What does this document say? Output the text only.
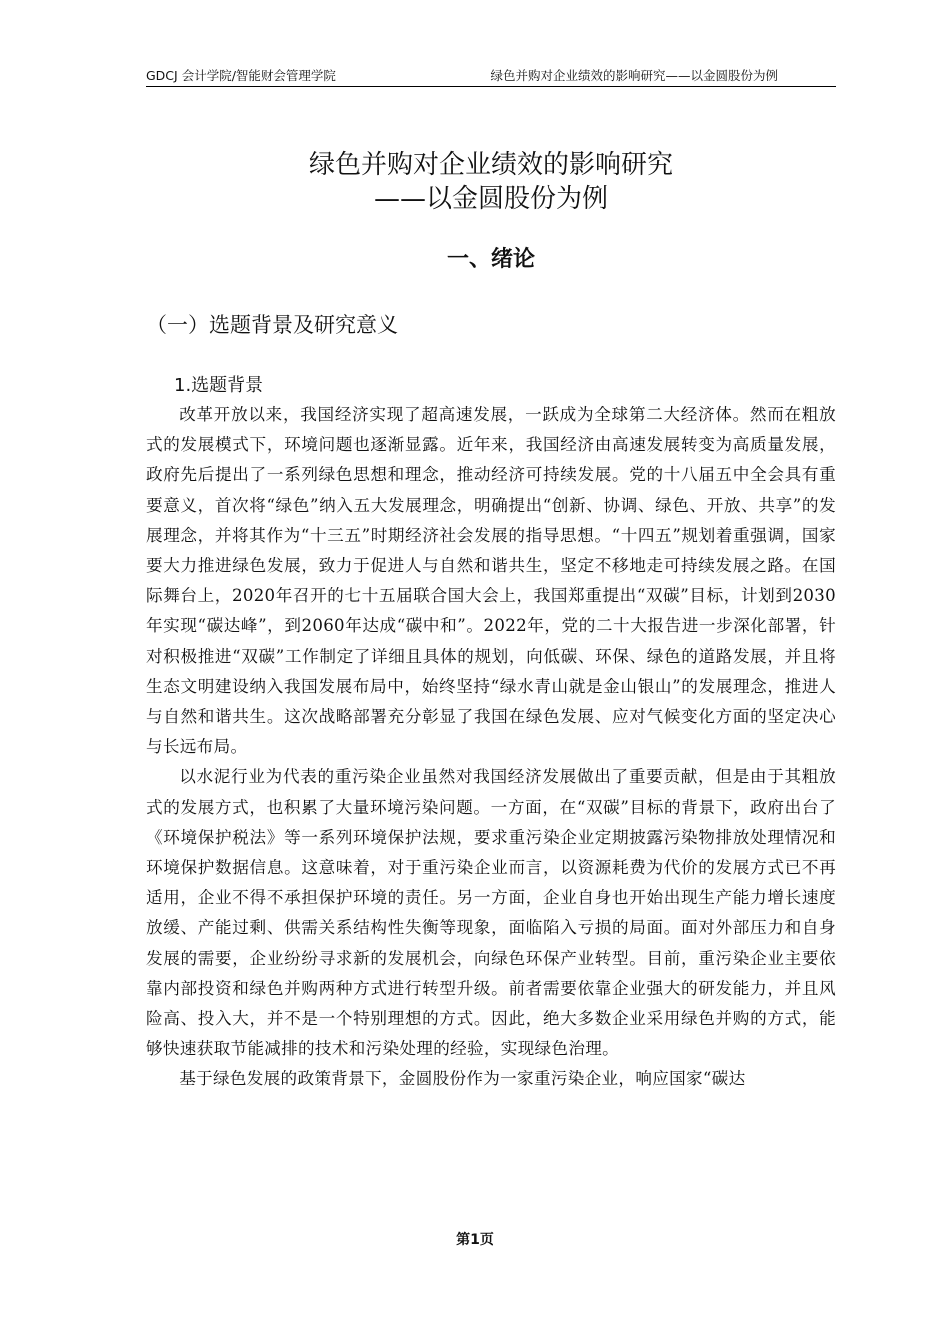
GDCJ 会计学院/智能财会管理学院	绿色并购对企业绩效的影响研究——以金圆股份为例
绿色并购对企业绩效的影响研究
——以金圆股份为例
一、绪论
（一）选题背景及研究意义
1.选题背景

改革开放以来，我国经济实现了超高速发展，一跃成为全球第二大经济体。然而在粗放式的发展模式下，环境问题也逐渐显露。近年来，我国经济由高速发展转变为高质量发展，政府先后提出了一系列绿色思想和理念，推动经济可持续发展。党的十八届五中全会具有重要意义，首次将“绿色”纳入五大发展理念，明确提出“创新、协调、绿色、开放、共享”的发展理念，并将其作为“十三五”时期经济社会发展的指导思想。“十四五”规划着重强调，国家要大力推进绿色发展，致力于促进人与自然和谐共生，坚定不移地走可持续发展之路。在国际舞台上，2020年召开的七十五届联合国大会上，我国郑重提出“双碳”目标，计划到2030年实现“碳达峰”，到2060年达成“碳中和”。2022年，党的二十大报告进一步深化部署，针对积极推进“双碳”工作制定了详细且具体的规划，向低碳、环保、绿色的道路发展，并且将生态文明建设纳入我国发展布局中，始终坚持“绿水青山就是金山银山”的发展理念，推进人与自然和谐共生。这次战略部署充分彰显了我国在绿色发展、应对气候变化方面的坚定决心与长远布局。

以水泥行业为代表的重污染企业虽然对我国经济发展做出了重要贡献，但是由于其粗放式的发展方式，也积累了大量环境污染问题。一方面，在“双碳”目标的背景下，政府出台了《环境保护税法》等一系列环境保护法规，要求重污染企业定期披露污染物排放处理情况和环境保护数据信息。这意味着，对于重污染企业而言，以资源耗费为代价的发展方式已不再适用，企业不得不承担保护环境的责任。另一方面，企业自身也开始出现生产能力增长速度放缓、产能过剩、供需关系结构性失衡等现象，面临陷入亏损的局面。面对外部压力和自身发展的需要，企业纷纷寻求新的发展机会，向绿色环保产业转型。目前，重污染企业主要依靠内部投资和绿色并购两种方式进行转型升级。前者需要依靠企业强大的研发能力，并且风险高、投入大，并不是一个特别理想的方式。因此，绝大多数企业采用绿色并购的方式，能够快速获取节能减排的技术和污染处理的经验，实现绿色治理。

基于绿色发展的政策背景下，金圆股份作为一家重污染企业，响应国家“碳达

第1页
